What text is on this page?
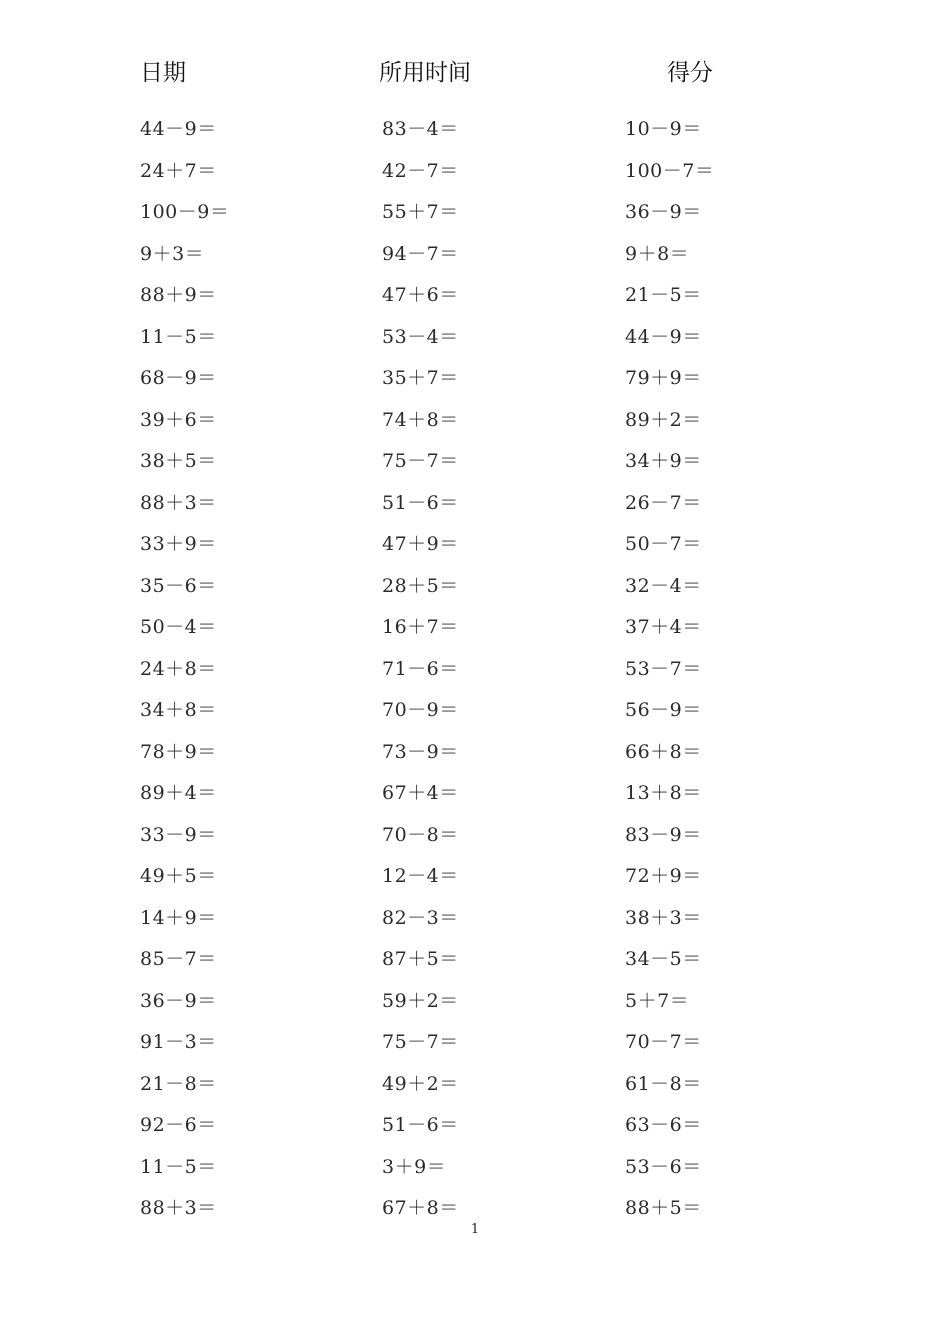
日期	所用时间	得分
44－9＝
24＋7＝
100－9＝
9＋3＝
88＋9＝
11－5＝
68－9＝
39＋6＝
38＋5＝
88＋3＝
33＋9＝
35－6＝
50－4＝
24＋8＝
34＋8＝
78＋9＝
89＋4＝
33－9＝
49＋5＝
14＋9＝
85－7＝
36－9＝
91－3＝
21－8＝
92－6＝
11－5＝
88＋3＝
83－4＝
42－7＝
55＋7＝
94－7＝
47＋6＝
53－4＝
35＋7＝
74＋8＝
75－7＝
51－6＝
47＋9＝
28＋5＝
16＋7＝
71－6＝
70－9＝
73－9＝
67＋4＝
70－8＝
12－4＝
82－3＝
87＋5＝
59＋2＝
75－7＝
49＋2＝
51－6＝
3＋9＝
67＋8＝
10－9＝
100－7＝
36－9＝
9＋8＝
21－5＝
44－9＝
79＋9＝
89＋2＝
34＋9＝
26－7＝
50－7＝
32－4＝
37＋4＝
53－7＝
56－9＝
66＋8＝
13＋8＝
83－9＝
72＋9＝
38＋3＝
34－5＝
5＋7＝
70－7＝
61－8＝
63－6＝
53－6＝
88＋5＝
1
